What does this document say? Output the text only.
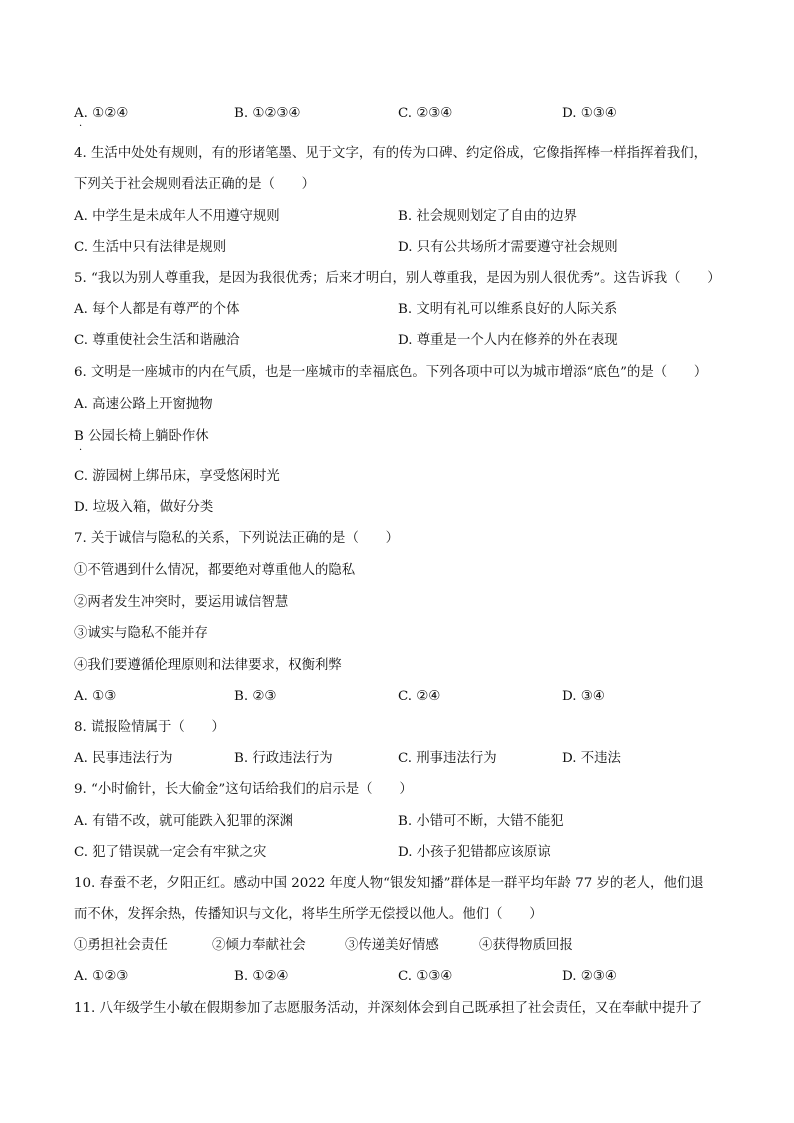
A. ①②④
·
B. ①②③④	C. ②③④	D. ①③④
4. 生活中处处有规则，有的形诸笔墨、见于文字，有的传为口碑、约定俗成，它像指挥棒一样指挥着我们，
下列关于社会规则看法正确的是（　　）
A. 中学生是未成年人不用遵守规则	B. 社会规则划定了自由的边界
C. 生活中只有法律是规则	D. 只有公共场所才需要遵守社会规则
5. “我以为别人尊重我，是因为我很优秀；后来才明白，别人尊重我，是因为别人很优秀”。这告诉我（　　）
A. 每个人都是有尊严的个体	B. 文明有礼可以维系良好的人际关系
C. 尊重使社会生活和谐融洽	D. 尊重是一个人内在修养的外在表现
6. 文明是一座城市的内在气质，也是一座城市的幸福底色。下列各项中可以为城市增添“底色”的是（　　）
A. 高速公路上开窗抛物
B 公园长椅上躺卧作休
·
C. 游园树上绑吊床，享受悠闲时光
D. 垃圾入箱，做好分类
7. 关于诚信与隐私的关系，下列说法正确的是（　　）
①不管遇到什么情况，都要绝对尊重他人的隐私
②两者发生冲突时，要运用诚信智慧
③诚实与隐私不能并存
④我们要遵循伦理原则和法律要求，权衡利弊
A. ①③	B. ②③	C. ②④	D. ③④
8. 谎报险情属于（　　）
A. 民事违法行为	B. 行政违法行为	C. 刑事违法行为	D. 不违法
9. “小时偷针，长大偷金”这句话给我们的启示是（　　）
A. 有错不改，就可能跌入犯罪的深渊	B. 小错可不断，大错不能犯
C. 犯了错误就一定会有牢狱之灾	D. 小孩子犯错都应该原谅
10. 春蚕不老，夕阳正红。感动中国 2022 年度人物“银发知播”群体是一群平均年龄 77 岁的老人，他们退
而不休，发挥余热，传播知识与文化，将毕生所学无偿授以他人。他们（　　）
①勇担社会责任	②倾力奉献社会	③传递美好情感	④获得物质回报
A. ①②③	B. ①②④	C. ①③④	D. ②③④
11. 八年级学生小敏在假期参加了志愿服务活动，并深刻体会到自己既承担了社会责任，又在奉献中提升了
